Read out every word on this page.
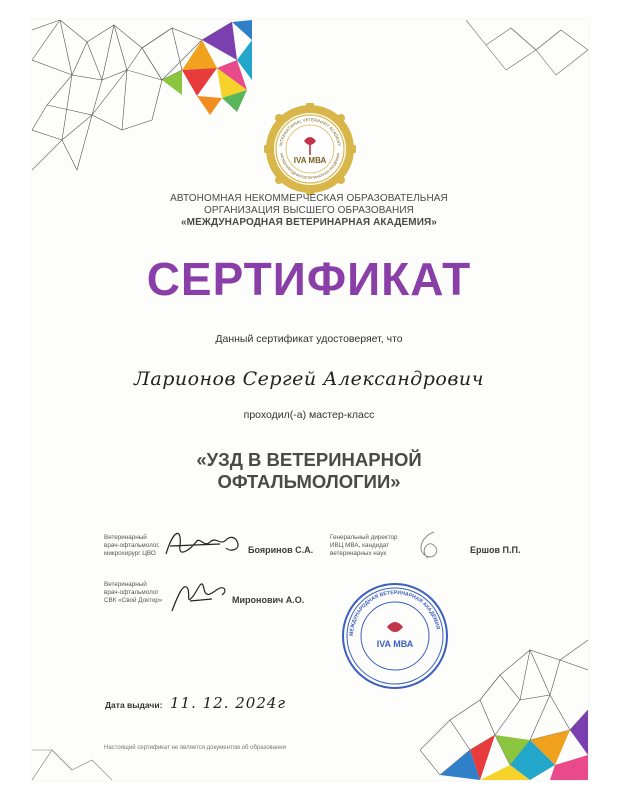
IVA МВА
INTERNATIONAL VETERINARY ACADEMY
МЕЖДУНАРОДНАЯ ВЕТЕРИНАРНАЯ АКАДЕМИЯ
АВТОНОМНАЯ НЕКОММЕРЧЕСКАЯ ОБРАЗОВАТЕЛЬНАЯ
ОРГАНИЗАЦИЯ ВЫСШЕГО ОБРАЗОВАНИЯ
«МЕЖДУНАРОДНАЯ ВЕТЕРИНАРНАЯ АКАДЕМИЯ»
СЕРТИФИКАТ
Данный сертификат удостоверяет, что
Ларионов Сергей Александрович
проходил(-а) мастер-класс
«УЗД В ВЕТЕРИНАРНОЙ
ОФТАЛЬМОЛОГИИ»
Ветеринарный
врач-офтальмолог,
микрохирург ЦВО	Бояринов С.А.
Ветеринарный
врач-офтальмолог
СВК «Свой Доктор»	Миронович А.О.
Генеральный директор
ИВЦ МВА, кандидат
ветеринарных наук	Ершов П.П.
МЕЖДУНАРОДНАЯ ВЕТЕРИНАРНАЯ АКАДЕМИЯ
IVA МВА
Дата выдачи: 11. 12. 2024г
Настоящий сертификат не является документом об образовании
